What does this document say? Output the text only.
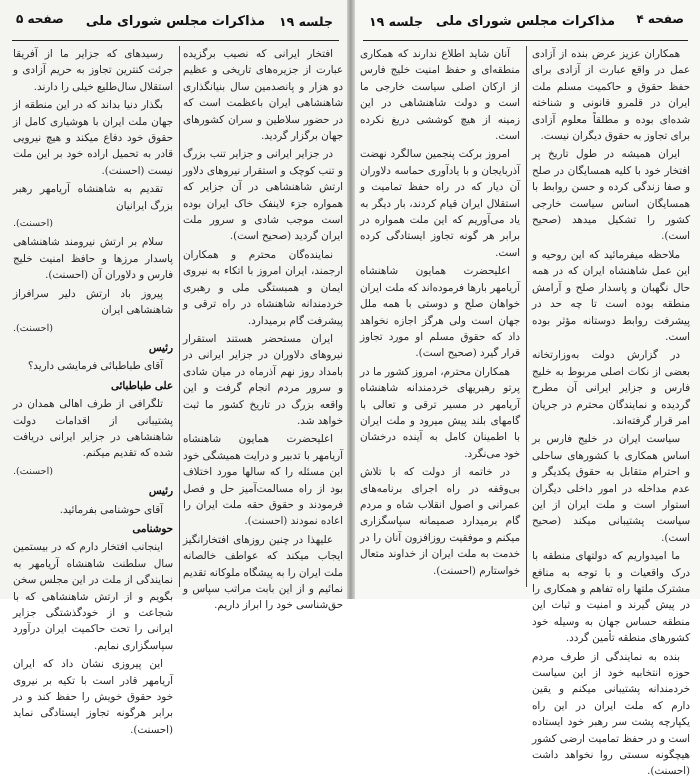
صفحه ۴
مذاکرات مجلس شورای ملی
جلسه ۱۹

همکاران عزیز عرض بنده از آزادی عمل در واقع عبارت از آزادی برای حفظ حقوق و حاکمیت مسلم ملت ایران در قلمرو قانونی و شناخته شده‌ای بوده و مطلقاً معلوم آزادی برای تجاوز به حقوق دیگران نیست.

ایران همیشه در طول تاریخ پر افتخار خود با کلیه همسایگان در صلح و صفا زندگی کرده و حسن روابط با همسایگان اساس سیاست خارجی کشور را تشکیل میدهد (صحیح است).

ملاحظه میفرمائید که این روحیه و این عمل شاهنشاه ایران که در همه حال نگهبان و پاسدار صلح و آرامش منطقه بوده است تا چه حد در پیشرفت روابط دوستانه مؤثر بوده است.

در گزارش دولت به‌وزارتخانه بعضی از نکات اصلی مربوط به خلیج فارس و جزایر ایرانی آن مطرح گردیده و نمایندگان محترم در جریان امر قرار گرفته‌اند.

سیاست ایران در خلیج فارس بر اساس همکاری با کشورهای ساحلی و احترام متقابل به حقوق یکدیگر و عدم مداخله در امور داخلی دیگران استوار است و ملت ایران از این سیاست پشتیبانی میکند (صحیح است).

ما امیدواریم که دولتهای منطقه با درک واقعیات و با توجه به منافع مشترک ملتها راه تفاهم و همکاری را در پیش گیرند و امنیت و ثبات این منطقه حساس جهان به وسیله خود کشورهای منطقه تأمین گردد.

بنده به نمایندگی از طرف مردم حوزه انتخابیه خود از این سیاست خردمندانه پشتیبانی میکنم و یقین دارم که ملت ایران در این راه یکپارچه پشت سر رهبر خود ایستاده است و در حفظ تمامیت ارضی کشور هیچگونه سستی روا نخواهد داشت (احسنت).

آنان شاید اطلاع ندارند که همکاری منطقه‌ای و حفظ امنیت خلیج فارس از ارکان اصلی سیاست خارجی ما است و دولت شاهنشاهی در این زمینه از هیچ کوششی دریغ نکرده است.

امروز برکت پنجمین سالگرد نهضت آذربایجان و با یادآوری حماسه دلاوران آن دیار که در راه حفظ تمامیت و استقلال ایران قیام کردند، بار دیگر به یاد می‌آوریم که این ملت همواره در برابر هر گونه تجاوز ایستادگی کرده است.

اعلیحضرت همایون شاهنشاه آریامهر بارها فرموده‌اند که ملت ایران خواهان صلح و دوستی با همه ملل جهان است ولی هرگز اجازه نخواهد داد که حقوق مسلم او مورد تجاوز قرار گیرد (صحیح است).

همکاران محترم، امروز کشور ما در پرتو رهبریهای خردمندانه شاهنشاه آریامهر در مسیر ترقی و تعالی با گامهای بلند پیش میرود و ملت ایران با اطمینان کامل به آینده درخشان خود می‌نگرد.

در خاتمه از دولت که با تلاش بی‌وقفه در راه اجرای برنامه‌های عمرانی و اصول انقلاب شاه و مردم گام برمیدارد صمیمانه سپاسگزاری میکنم و موفقیت روزافزون آنان را در خدمت به ملت ایران از خداوند متعال خواستارم (احسنت).

صفحه ۵	مذاکرات مجلس شورای ملی	جلسه ۱۹

افتخار ایرانی که نصیب برگزیده عبارت از جزیره‌های تاریخی و عظیم دو هزار و پانصدمین سال بنیانگذاری شاهنشاهی ایران باعظمت است که در حضور سلاطین و سران کشورهای جهان برگزار گردید.

در جزایر ایرانی و جزایر تنب بزرگ و تنب کوچک و استقرار نیروهای دلاور ارتش شاهنشاهی در آن جزایر که همواره جزء لاینفک خاک ایران بوده است موجب شادی و سرور ملت ایران گردید (صحیح است).

نماینده‌گان محترم و همکاران ارجمند، ایران امروز با اتکاء به نیروی ایمان و همبستگی ملی و رهبری خردمندانه شاهنشاه در راه ترقی و پیشرفت گام برمیدارد.

ایران مستحضر هستند استقرار نیروهای دلاوران در جزایر ایرانی در بامداد روز نهم آذرماه در میان شادی و سرور مردم انجام گرفت و این واقعه بزرگ در تاریخ کشور ما ثبت خواهد شد.

اعلیحضرت همایون شاهنشاه آریامهر با تدبیر و درایت همیشگی خود این مسئله را که سالها مورد اختلاف بود از راه مسالمت‌آمیز حل و فصل فرمودند و حقوق حقه ملت ایران را اعاده نمودند (احسنت).

علیهذا در چنین روزهای افتخارانگیز ایجاب میکند که عواطف خالصانه ملت ایران را به پیشگاه ملوکانه تقدیم نمائیم و از این بابت مراتب سپاس و حق‌شناسی خود را ابراز داریم.

رسیدهای که جزایر ما از آفریقا جرئت کنترین تجاوز به حریم آزادی و استقلال سال‌طلیع خیلی را دارند.

بگذار دنیا بداند که در این منطقه از جهان ملت ایران با هوشیاری کامل از حقوق خود دفاع میکند و هیچ نیرویی قادر به تحمیل اراده خود بر این ملت نیست (احسنت).

تقدیم به شاهنشاه آریامهر رهبر بزرگ ایرانیان

(احسنت).

سلام بر ارتش نیرومند شاهنشاهی پاسدار مرزها و حافظ امنیت خلیج فارس و دلاوران آن (احسنت).

پیروز باد ارتش دلیر سرافراز شاهنشاهی ایران

(احسنت).

رئیس

آقای طباطبائی فرمایشی دارید؟

علی طباطبائی

تلگرافی از طرف اهالی همدان در پشتیبانی از اقدامات دولت شاهنشاهی در جزایر ایرانی دریافت شده که تقدیم میکنم.

(احسنت).

رئیس

آقای حوشنامی بفرمائید.

حوشنامی

اینجانب افتخار دارم که در بیستمین سال سلطنت شاهنشاه آریامهر به نمایندگی از ملت در این مجلس سخن بگویم و از ارتش شاهنشاهی که با شجاعت و از خودگذشتگی جزایر ایرانی را تحت حاکمیت ایران درآورد سپاسگزاری نمایم.

این پیروزی نشان داد که ایران آریامهر قادر است با تکیه بر نیروی خود حقوق خویش را حفظ کند و در برابر هرگونه تجاوز ایستادگی نماید (احسنت).
